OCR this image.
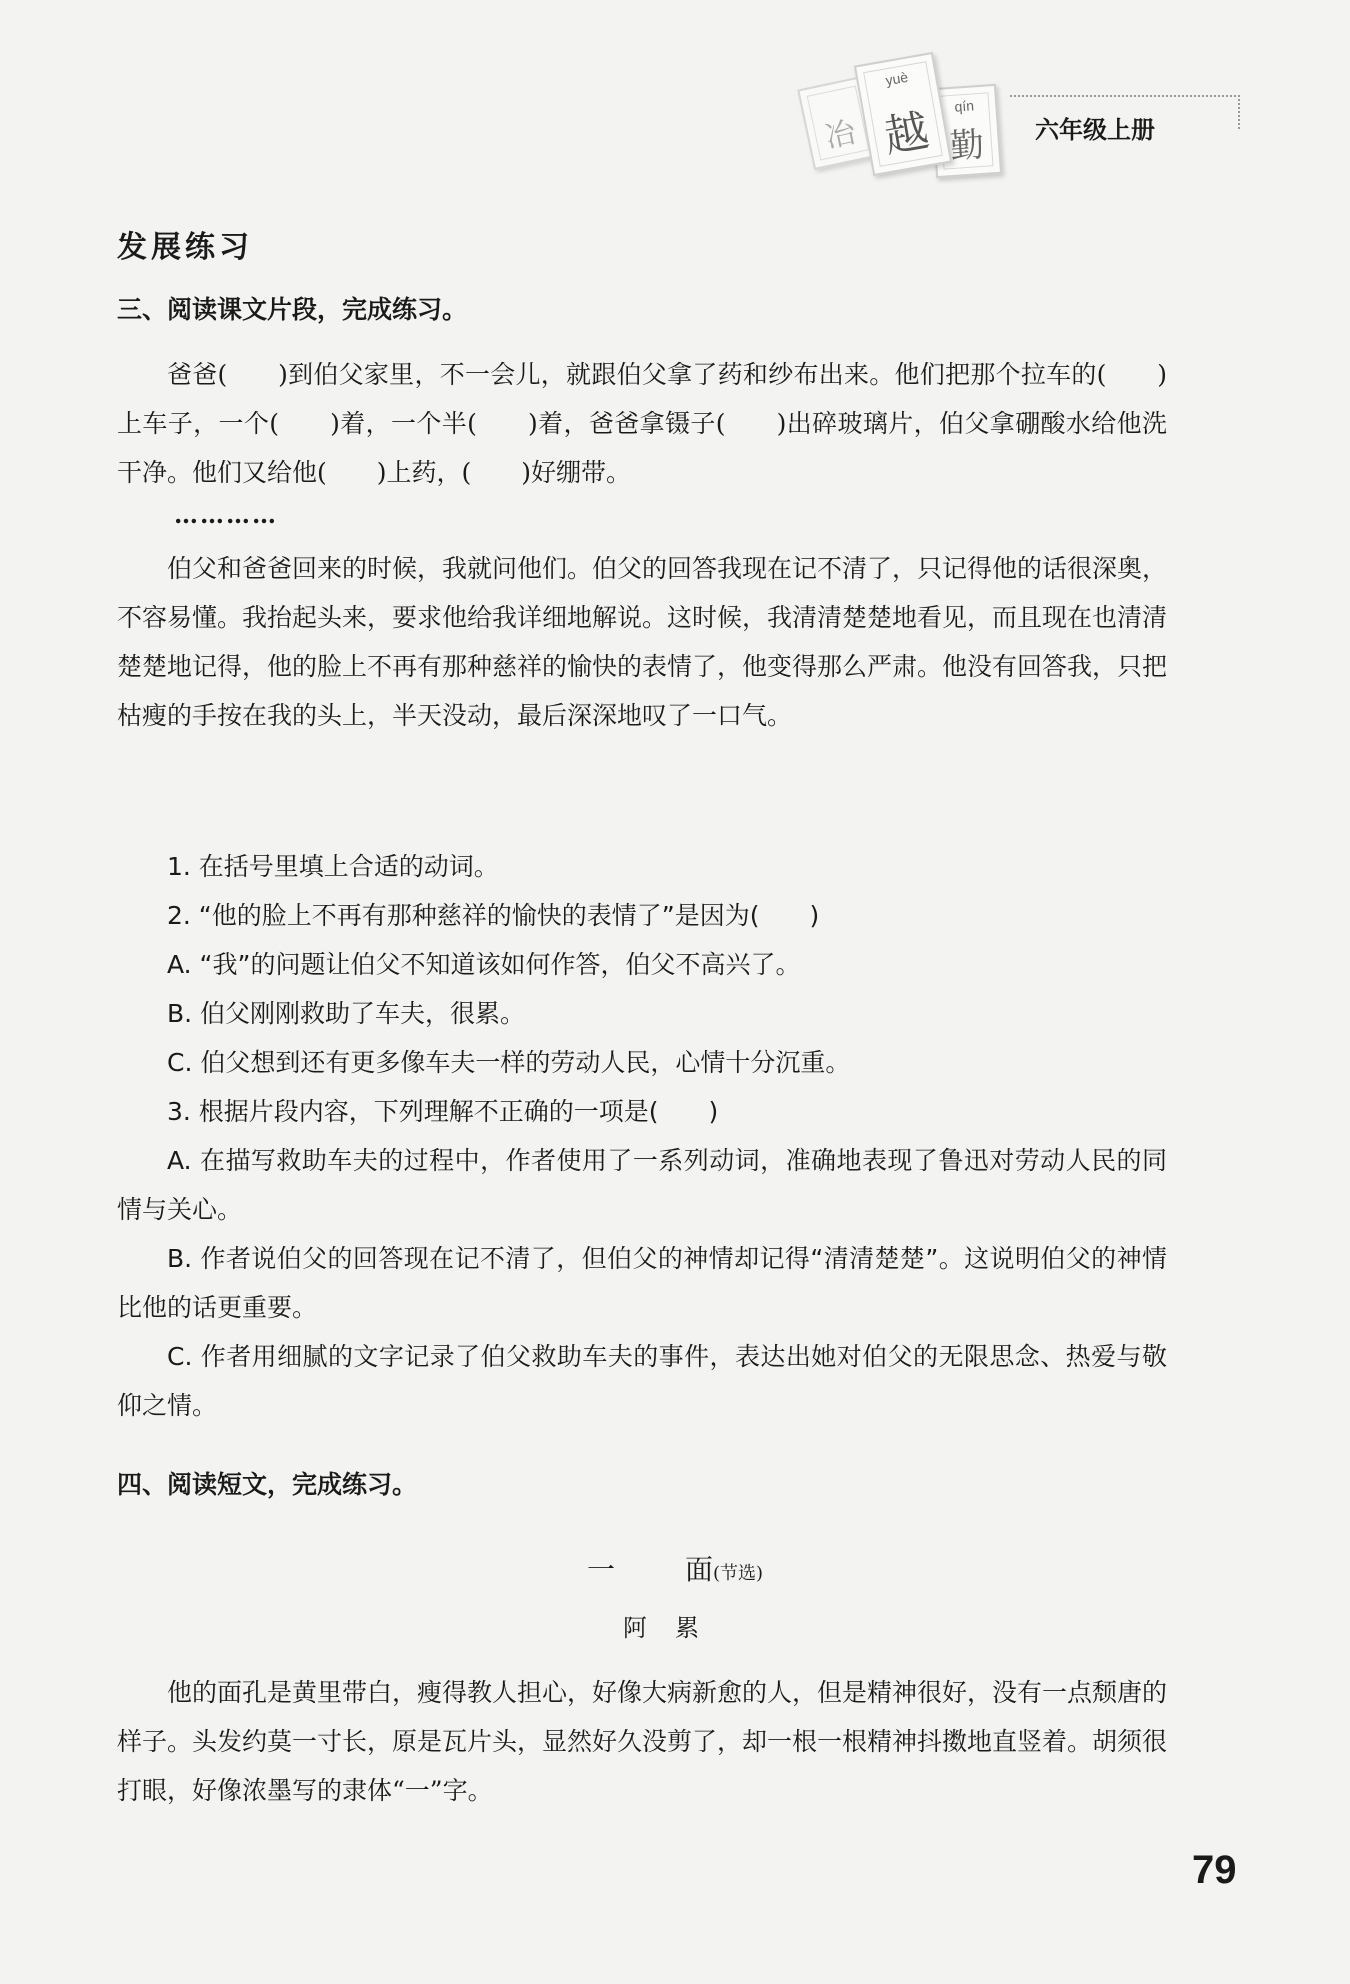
冶
yuè
越	qín
勤	六年级上册
发展练习
三、阅读课文片段，完成练习。

爸爸(　　)到伯父家里，不一会儿，就跟伯父拿了药和纱布出来。他们把那个拉车的(　　)上车子，一个(　　)着，一个半(　　)着，爸爸拿镊子(　　)出碎玻璃片，伯父拿硼酸水给他洗干净。他们又给他(　　)上药，(　　)好绷带。

…………

伯父和爸爸回来的时候，我就问他们。伯父的回答我现在记不清了，只记得他的话很深奥，不容易懂。我抬起头来，要求他给我详细地解说。这时候，我清清楚楚地看见，而且现在也清清楚楚地记得，他的脸上不再有那种慈祥的愉快的表情了，他变得那么严肃。他没有回答我，只把枯瘦的手按在我的头上，半天没动，最后深深地叹了一口气。

1. 在括号里填上合适的动词。

2. “他的脸上不再有那种慈祥的愉快的表情了”是因为(　　)

A. “我”的问题让伯父不知道该如何作答，伯父不高兴了。

B. 伯父刚刚救助了车夫，很累。

C. 伯父想到还有更多像车夫一样的劳动人民，心情十分沉重。

3. 根据片段内容，下列理解不正确的一项是(　　)

A. 在描写救助车夫的过程中，作者使用了一系列动词，准确地表现了鲁迅对劳动人民的同情与关心。

B. 作者说伯父的回答现在记不清了，但伯父的神情却记得“清清楚楚”。这说明伯父的神情比他的话更重要。

C. 作者用细腻的文字记录了伯父救助车夫的事件，表达出她对伯父的无限思念、热爱与敬仰之情。

四、阅读短文，完成练习。
一	面(节选)
阿累

他的面孔是黄里带白，瘦得教人担心，好像大病新愈的人，但是精神很好，没有一点颓唐的样子。头发约莫一寸长，原是瓦片头，显然好久没剪了，却一根一根精神抖擞地直竖着。胡须很打眼，好像浓墨写的隶体“一”字。

79
